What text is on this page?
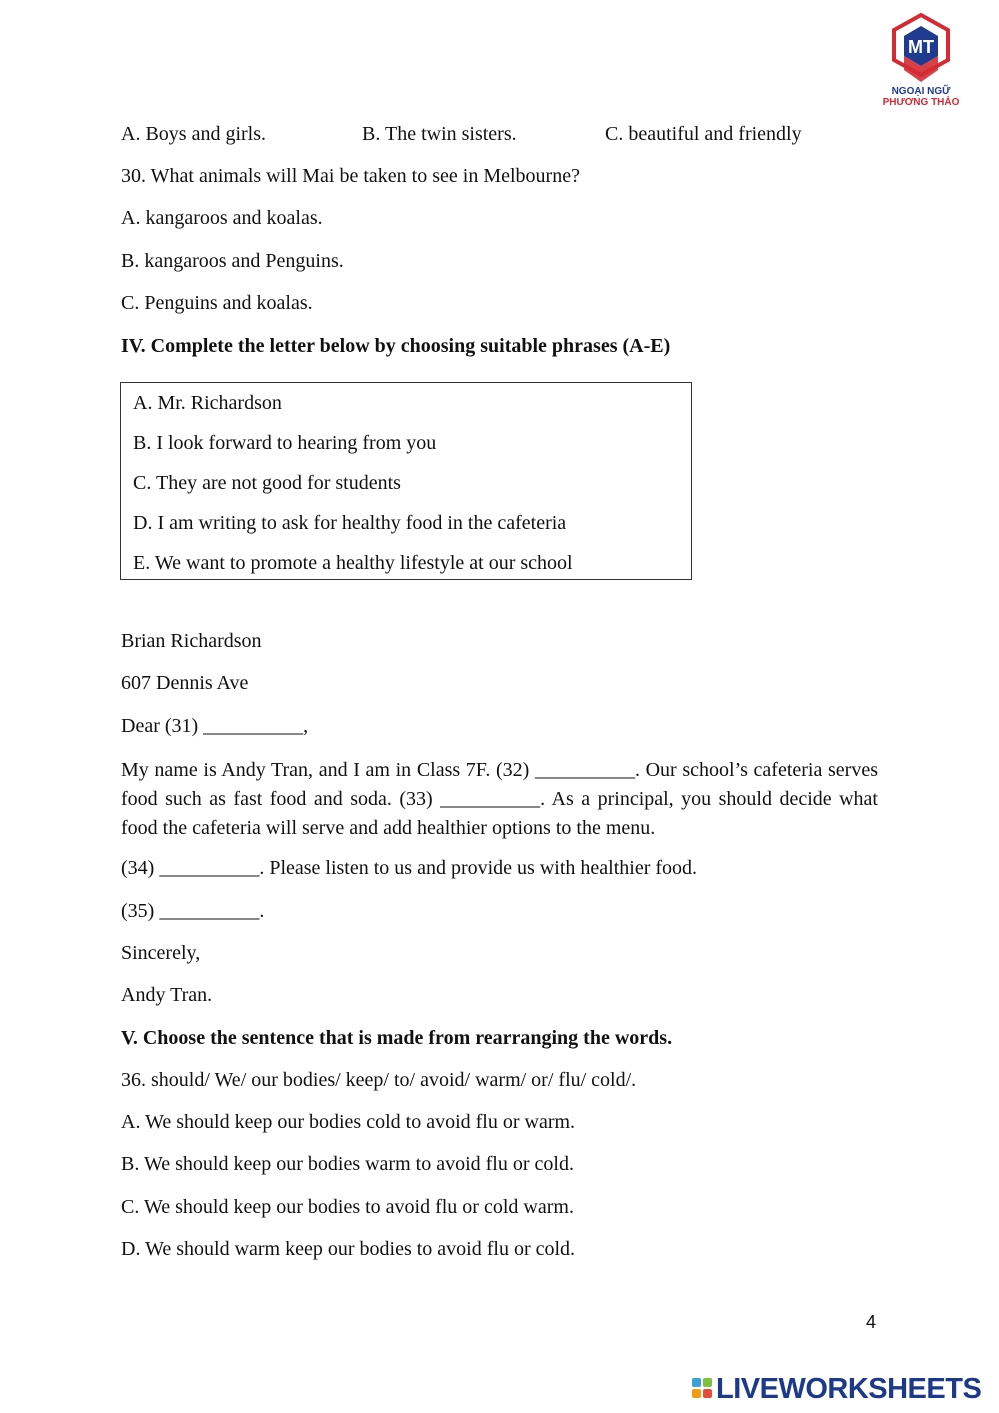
MT
NGOẠI NGỮ
PHƯƠNG THẢO
A. Boys and girls.	B. The twin sisters.	C. beautiful and friendly
30. What animals will Mai be taken to see in Melbourne?
A. kangaroos and koalas.
B. kangaroos and Penguins.
C. Penguins and koalas.
IV. Complete the letter below by choosing suitable phrases (A-E)
A. Mr. Richardson
B. I look forward to hearing from you
C. They are not good for students
D. I am writing to ask for healthy food in the cafeteria
E. We want to promote a healthy lifestyle at our school
Brian Richardson
607 Dennis Ave
Dear (31) __________,
My name is Andy Tran, and I am in Class 7F. (32) __________. Our school’s cafeteria serves food such as fast food and soda. (33) __________. As a principal, you should decide what food the cafeteria will serve and add healthier options to the menu.
(34) __________. Please listen to us and provide us with healthier food.
(35) __________.
Sincerely,
Andy Tran.
V. Choose the sentence that is made from rearranging the words.
36. should/ We/ our bodies/ keep/ to/ avoid/ warm/ or/ flu/ cold/.
A. We should keep our bodies cold to avoid flu or warm.
B. We should keep our bodies warm to avoid flu or cold.
C. We should keep our bodies to avoid flu or cold warm.
D. We should warm keep our bodies to avoid flu or cold.
4
LIVEWORKSHEETS
